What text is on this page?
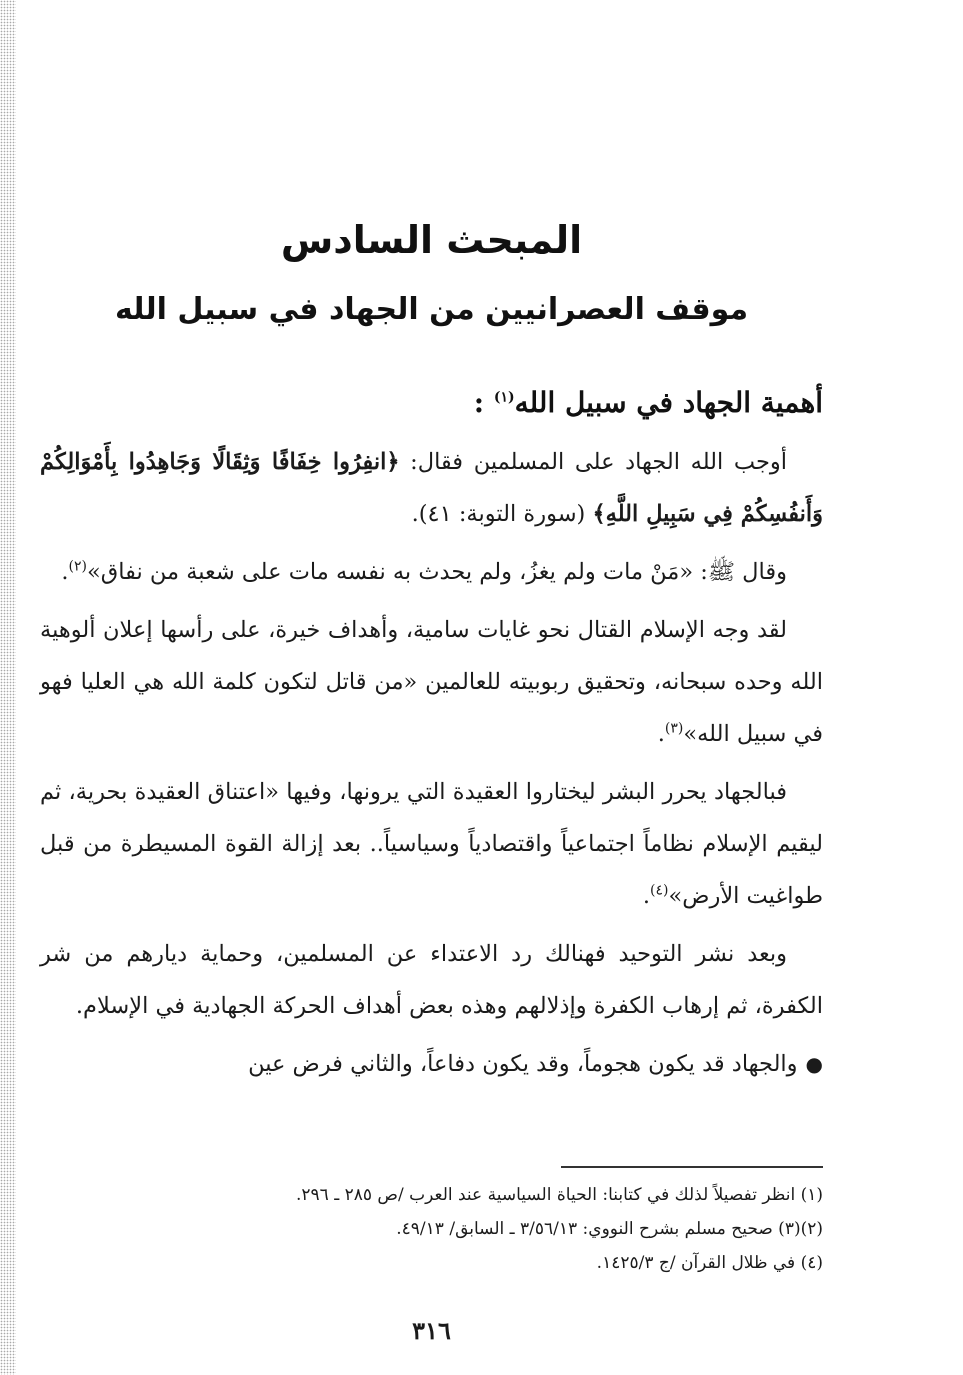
المبحث السادس
موقف العصرانيين من الجهاد في سبيل الله
أهمية الجهاد في سبيل الله$^{(١)}$ :

أوجب الله الجهاد على المسلمين فقال: ﴿انفِرُوا خِفَافًا وَثِقَالًا وَجَاهِدُوا بِأَمْوَالِكُمْ وَأَنفُسِكُمْ فِي سَبِيلِ اللَّهِ﴾ (سورة التوبة: ٤١).

وقال ﷺ: «مَنْ مات ولم يغزُ، ولم يحدث به نفسه مات على شعبة من نفاق»$^{(٢)}$.

لقد وجه الإسلام القتال نحو غايات سامية، وأهداف خيرة، على رأسها إعلان ألوهية الله وحده سبحانه، وتحقيق ربوبيته للعالمين «من قاتل لتكون كلمة الله هي العليا فهو في سبيل الله»$^{(٣)}$.

فبالجهاد يحرر البشر ليختاروا العقيدة التي يرونها، وفيها «اعتناق العقيدة بحرية، ثم ليقيم الإسلام نظاماً اجتماعياً واقتصادياً وسياسياً.. بعد إزالة القوة المسيطرة من قبل طواغيت الأرض»$^{(٤)}$.

وبعد نشر التوحيد فهنالك رد الاعتداء عن المسلمين، وحماية ديارهم من شر الكفرة، ثم إرهاب الكفرة وإذلالهم وهذه بعض أهداف الحركة الجهادية في الإسلام.

●والجهاد قد يكون هجوماً، وقد يكون دفاعاً، والثاني فرض عين

(١) انظر تفصيلاً لذلك في كتابنا: الحياة السياسية عند العرب /ص ٢٨٥ ـ ٢٩٦.
(٢)(٣) صحيح مسلم بشرح النووي: ٣/٥٦/١٣ ـ السابق/ ٤٩/١٣.
(٤) في ظلال القرآن /ج ١٤٢٥/٣.
٣١٦
